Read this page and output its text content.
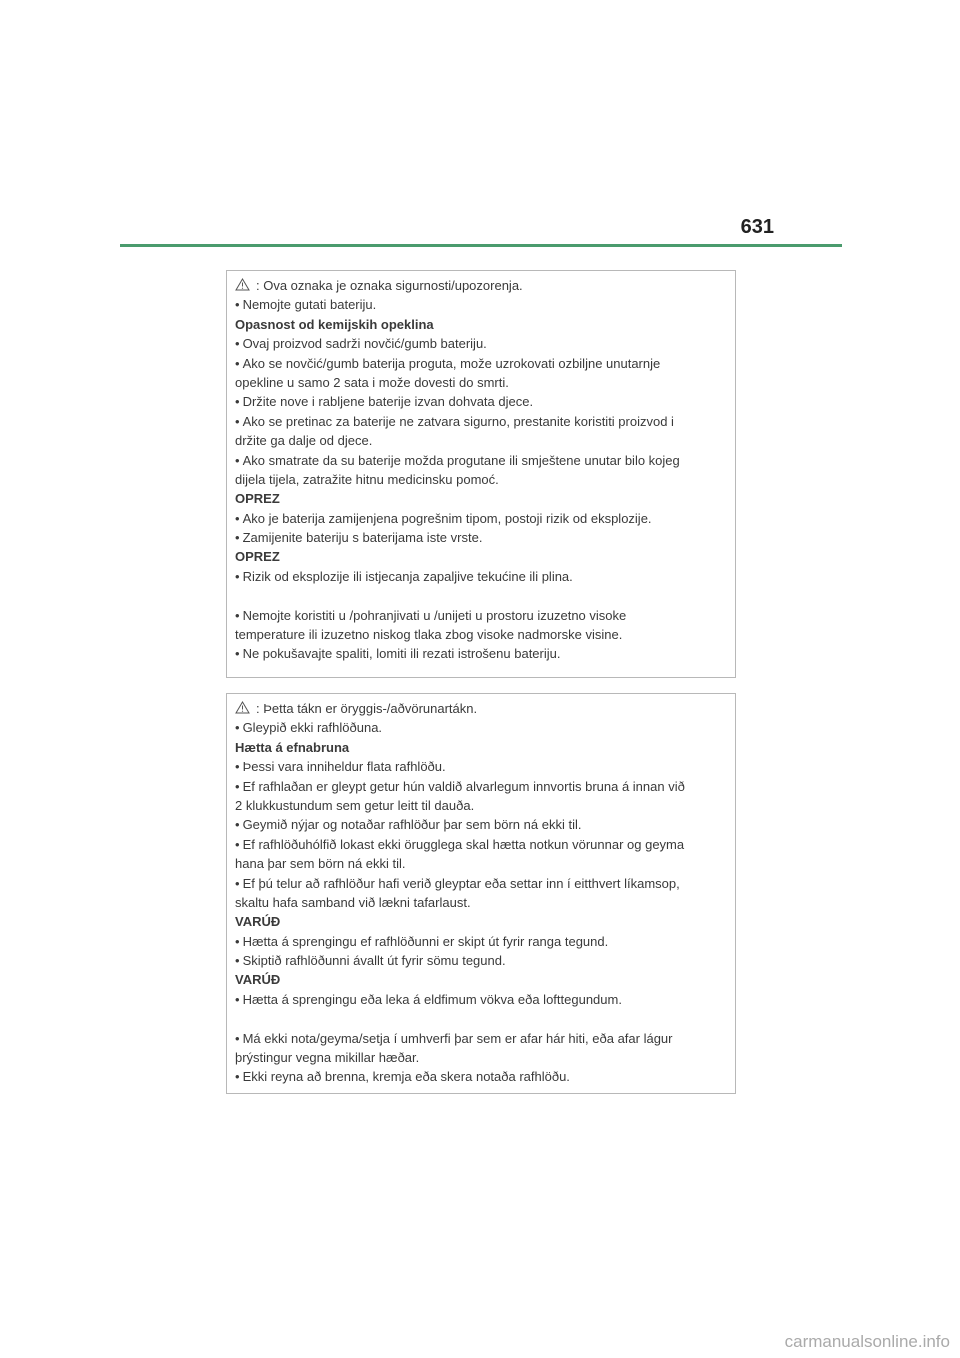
631
: Ova oznaka je oznaka sigurnosti/upozorenja.
• Nemojte gutati bateriju.
Opasnost od kemijskih opeklina
• Ovaj proizvod sadrži novčić/gumb bateriju.
• Ako se novčić/gumb baterija proguta, može uzrokovati ozbiljne unutarnje
opekline u samo 2 sata i može dovesti do smrti.
• Držite nove i rabljene baterije izvan dohvata djece.
• Ako se pretinac za baterije ne zatvara sigurno, prestanite koristiti proizvod i
držite ga dalje od djece.
• Ako smatrate da su baterije možda progutane ili smještene unutar bilo kojeg
dijela tijela, zatražite hitnu medicinsku pomoć.
OPREZ
• Ako je baterija zamijenjena pogrešnim tipom, postoji rizik od eksplozije.
• Zamijenite bateriju s baterijama iste vrste.
OPREZ
• Rizik od eksplozije ili istjecanja zapaljive tekućine ili plina.
• Nemojte koristiti u /pohranjivati u /unijeti u prostoru izuzetno visoke
temperature ili izuzetno niskog tlaka zbog visoke nadmorske visine.
• Ne pokušavajte spaliti, lomiti ili rezati istrošenu bateriju.
: Þetta tákn er öryggis-/aðvörunartákn.
• Gleypið ekki rafhlöðuna.
Hætta á efnabruna
• Þessi vara inniheldur flata rafhlöðu.
• Ef rafhlaðan er gleypt getur hún valdið alvarlegum innvortis bruna á innan við
2 klukkustundum sem getur leitt til dauða.
• Geymið nýjar og notaðar rafhlöður þar sem börn ná ekki til.
• Ef rafhlöðuhólfið lokast ekki örugglega skal hætta notkun vörunnar og geyma
hana þar sem börn ná ekki til.
• Ef þú telur að rafhlöður hafi verið gleyptar eða settar inn í eitthvert líkamsop,
skaltu hafa samband við lækni tafarlaust.
VARÚÐ
• Hætta á sprengingu ef rafhlöðunni er skipt út fyrir ranga tegund.
• Skiptið rafhlöðunni ávallt út fyrir sömu tegund.
VARÚÐ
• Hætta á sprengingu eða leka á eldfimum vökva eða lofttegundum.
• Má ekki nota/geyma/setja í umhverfi þar sem er afar hár hiti, eða afar lágur
þrýstingur vegna mikillar hæðar.
• Ekki reyna að brenna, kremja eða skera notaða rafhlöðu.
carmanualsonline.info
